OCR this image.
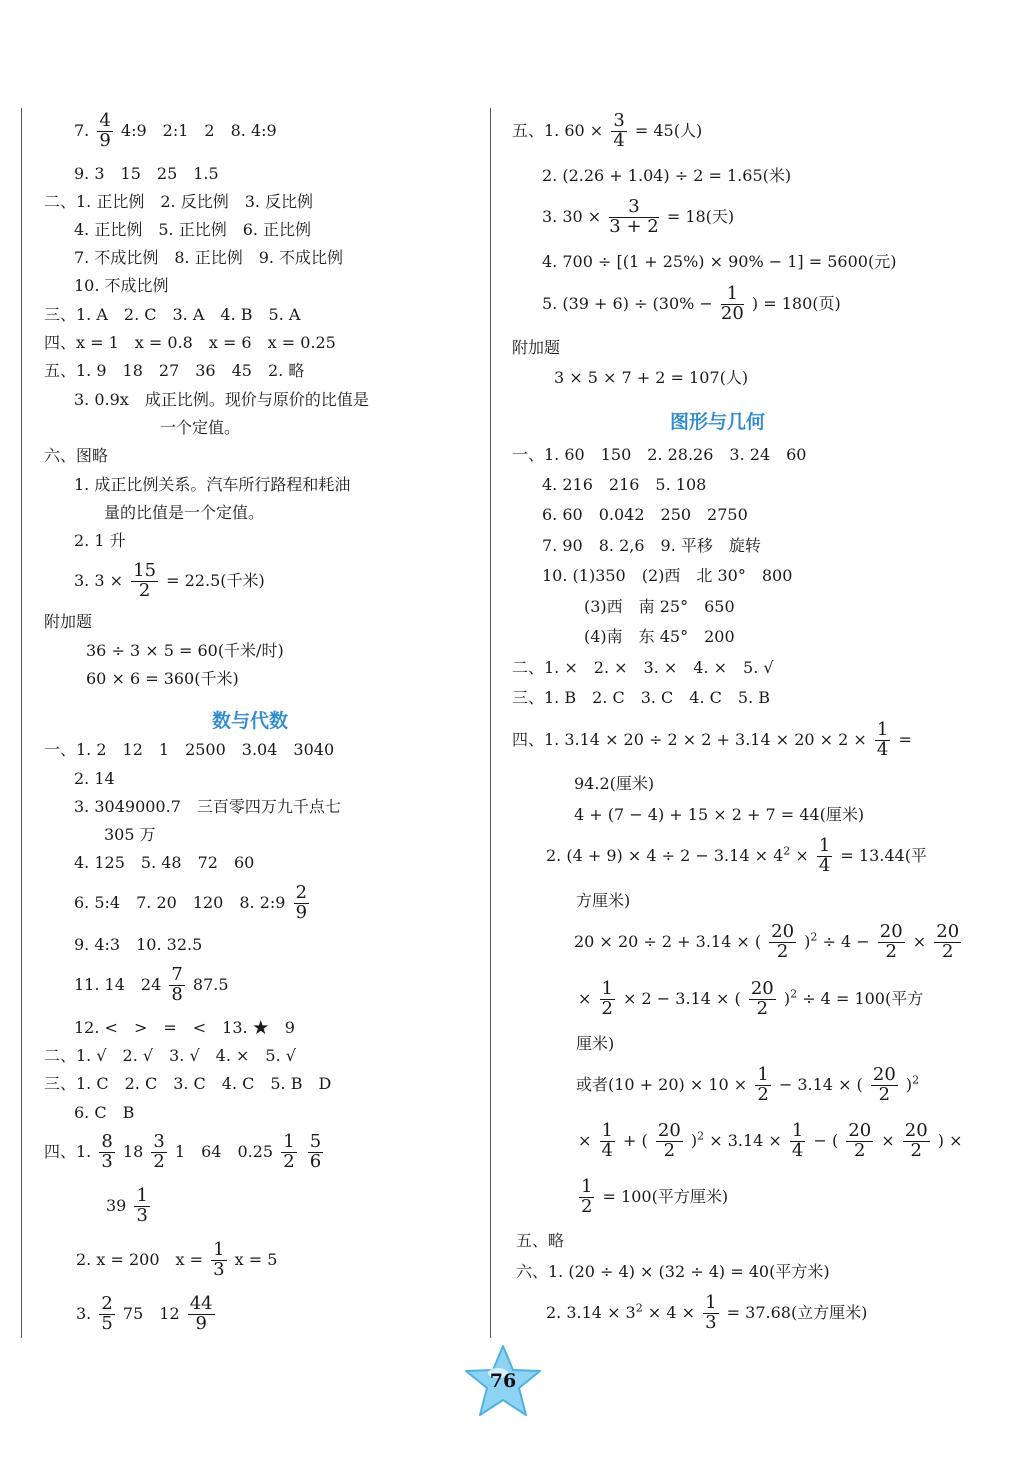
7. $\frac{4}{9}$ 4:9　2:1　2　8. 4:9
9. 3　15　25　1.5
二、1. 正比例　2. 反比例　3. 反比例
4. 正比例　5. 正比例　6. 正比例
7. 不成比例　8. 正比例　9. 不成比例
10. 不成比例
三、1. A　2. C　3. A　4. B　5. A
四、x = 1　x = 0.8　x = 6　x = 0.25
五、1. 9　18　27　36　45　2. 略
3. 0.9x　成正比例。现价与原价的比值是
一个定值。
六、图略
1. 成正比例关系。汽车所行路程和耗油
量的比值是一个定值。
2. 1 升
3. $3 \times \frac{15}{2} = 22.5$(千米)
附加题
36 ÷ 3 × 5 = 60(千米/时)
60 × 6 = 360(千米)
数与代数
一、1. 2　12　1　2500　3.04　3040
2. 14
3. 3049000.7　三百零四万九千点七
305 万
4. 125　5. 48　72　60
6. 5:4　7. 20　120　8. 2:9 $\frac{2}{9}$
9. 4:3　10. 32.5
11. 14　$24 \frac{7}{8} 87.5$
12. <　>　=　<　13. ★　9
二、1. √　2. √　3. √　4. ×　5. √
三、1. C　2. C　3. C　4. C　5. B　D
6. C　B
四、1. $\frac{8}{3} 18 \frac{3}{2} 1$　64　$0.25 \frac{1}{2}$
$\frac{5}{6}$
$39 \frac{1}{3}$
2. x = 200　$x = \frac{1}{3}$ x = 5
3. $\frac{2}{5} 75$　$12 \frac{44}{9}$
五、1. $60 \times \frac{3}{4} = 45$(人)
2. (2.26 + 1.04) ÷ 2 = 1.65(米)
3. $30 \times \frac{3}{3 + 2} = 18$(天)
4. 700 ÷ [(1 + 25%) × 90% − 1] = 5600(元)
5. $(39 + 6) \div (30\% - \frac{1}{20}$ ) = 180(页)
附加题
3 × 5 × 7 + 2 = 107(人)
图形与几何
一、1. 60　150　2. 28.26　3. 24　60
4. 216　216　5. 108
6. 60　0.042　250　2750
7. 90　8. 2,6　9. 平移　旋转
10. (1)350　(2)西　北 30°　800
(3)西　南 25°　650
(4)南　东 45°　200
二、1. ×　2. ×　3. ×　4. ×　5. √
三、1. B　2. C　3. C　4. C　5. B
四、1. $3.14 \times 20 \div 2 \times 2 + 3.14 \times 20 \times 2 \times \frac{1}{4}$ =
94.2(厘米)
4 + (7 − 4) + 15 × 2 + 7 = 44(厘米)
2. $(4 + 9) \times 4 \div 2 - 3.14 \times 4^2 \times \frac{1}{4} = 13.44$(平
方厘米)
20 × 20 ÷ 2 + 3.14 × ( $\frac{20}{2} )^2 \div 4 - \frac{20}{2} \times \frac{20}{2}$
× $\frac{1}{2} \times 2 - 3.14$ × ( $\frac{20}{2} )^2 \div 4 = 100$(平方
厘米)
或者$(10 + 20) \times 10 \times \frac{1}{2} - 3.14$ × ( $\frac{20}{2} )^2$
× $\frac{1}{4}$ + ( $\frac{20}{2} )^2 \times 3.14 \times \frac{1}{4}$ − ( $\frac{20}{2} \times \frac{20}{2}$ ) ×
$\frac{1}{2} = 100$(平方厘米)
五、略
六、1. (20 ÷ 4) × (32 ÷ 4) = 40(平方米)
2. $3.14 \times 3^2 \times 4 \times \frac{1}{3} = 37.68$(立方厘米)
76
